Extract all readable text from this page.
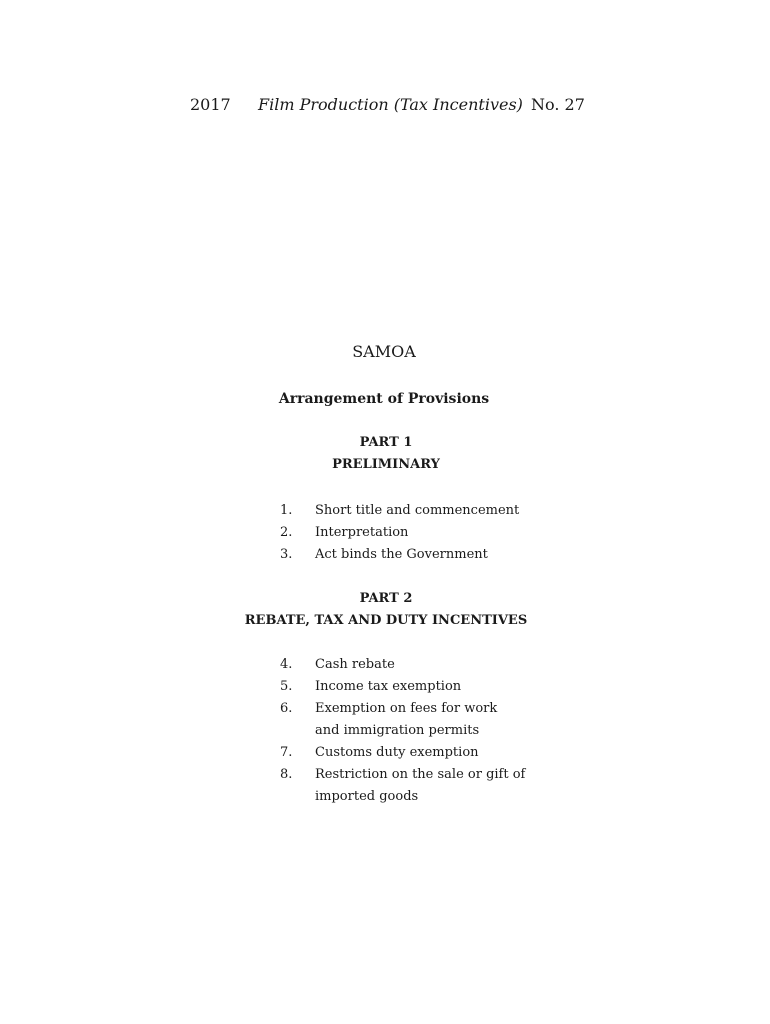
2017 Film Production (Tax Incentives) No. 27
SAMOA
Arrangement of Provisions
PART 1
PRELIMINARY
1.	Short title and commencement
2.	Interpretation
3.	Act binds the Government
PART 2
REBATE, TAX AND DUTY INCENTIVES
4.	Cash rebate
5.	Income tax exemption
6.	Exemption on fees for work and immigration permits
7.	Customs duty exemption
8.	Restriction on the sale or gift of imported goods
